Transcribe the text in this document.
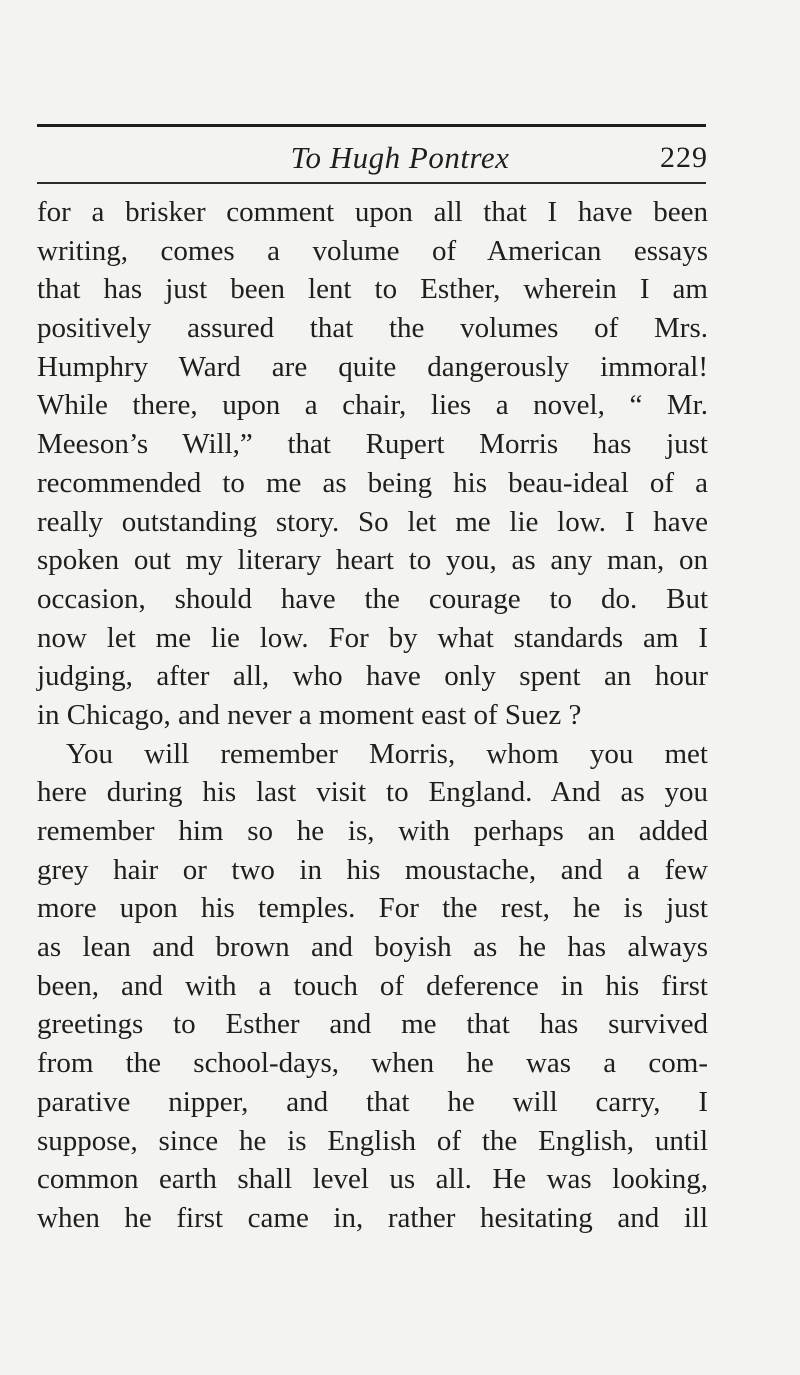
To Hugh Pontrex	229
for a brisker comment upon all that I have been
writing, comes a volume of American essays
that has just been lent to Esther, wherein I am
positively assured that the volumes of Mrs.
Humphry Ward are quite dangerously immoral!
While there, upon a chair, lies a novel, “ Mr.
Meeson’s Will,” that Rupert Morris has just
recommended to me as being his beau-ideal of a
really outstanding story. So let me lie low. I have
spoken out my literary heart to you, as any man, on
occasion, should have the courage to do. But
now let me lie low. For by what standards am I
judging, after all, who have only spent an hour
in Chicago, and never a moment east of Suez ?
You will remember Morris, whom you met
here during his last visit to England. And as you
remember him so he is, with perhaps an added
grey hair or two in his moustache, and a few
more upon his temples. For the rest, he is just
as lean and brown and boyish as he has always
been, and with a touch of deference in his first
greetings to Esther and me that has survived
from the school-days, when he was a com-
parative nipper, and that he will carry, I
suppose, since he is English of the English, until
common earth shall level us all. He was looking,
when he first came in, rather hesitating and ill
